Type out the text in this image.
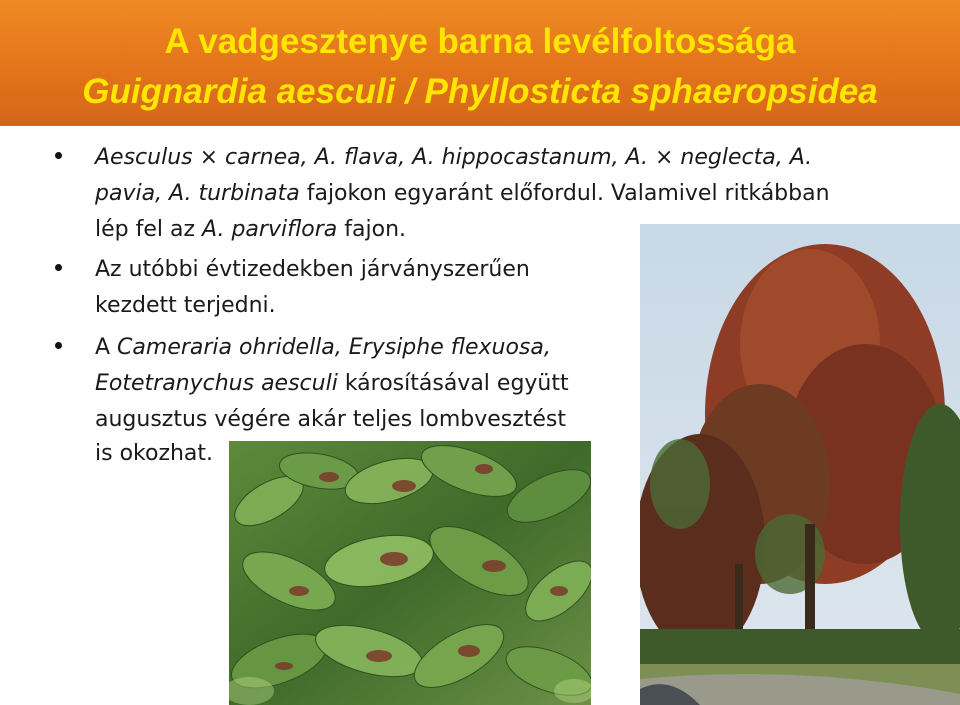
A vadgesztenye barna levélfoltossága
Guignardia aesculi / Phyllosticta sphaeropsidea
Aesculus × carnea, A. flava, A. hippocastanum, A. × neglecta, A.
pavia, A. turbinata fajokon egyaránt előfordul. Valamivel ritkábban
lép fel az A. parviflora fajon.
Az utóbbi évtizedekben járványszerűen
kezdett terjedni.
A Cameraria ohridella, Erysiphe flexuosa,
Eotetranychus aesculi károsításával együtt
augusztus végére akár teljes lombvesztést
is okozhat.
